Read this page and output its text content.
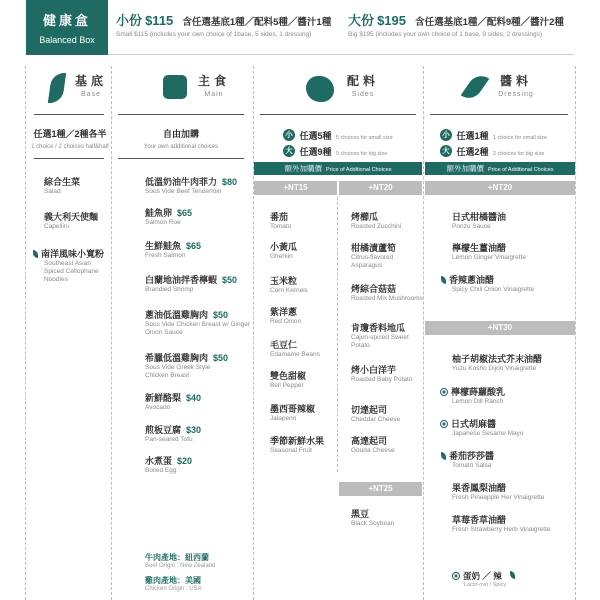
健康盒
Balanced Box
小份 $115 含任選基底1種／配料5種／醬汁1種
Small $115 (includes your own choice of 1base, 5 sides, 1 dressing)
大份 $195 含任選基底1種／配料9種／醬汁2種
Big $195 (includes your own choice of 1 base, 9 sides, 2 dressings)
基底
Base
任選1種／2種各半
1 choice / 2 choices half&half
綜合生菜
Salad
義大利天使麵
Capellini
南洋風味小寬粉
Southeast Asian Spiced Cellophane Noodles
主食
Main
自由加購
Your own additional choices
低溫奶油牛肉菲力 $80
Sous Vide Beef Tenderloin
鮭魚卵 $65
Salmon Roe
生鮮鮭魚 $65
Fresh Salmon
白蘭地油拌香檸蝦 $50
Brandied Shrimp
蔥油低溫雞胸肉 $50
Sous Vide Chicken Breast w/ Ginger Onion Sauce
希臘低溫雞胸肉 $50
Sous Vide Greek Style Chicken Breast
新鮮酪梨 $40
Avocado
煎板豆腐 $30
Pan-seared Tofu
水煮蛋 $20
Boiled Egg
牛肉產地：紐西蘭
Beef Origin : New Zealand
雞肉產地：美國
Chicken Origin : USA
配料
Sides
小 任選5種 5 choices for small size
大 任選9種 9 choices for big size
額外加購價 Price of Additional Choices
+NT15	+NT20
番茄
Tomato
小黃瓜
Gherkin
玉米粒
Corn Kernels
紫洋蔥
Red Onion
毛豆仁
Edamame Beans
雙色甜椒
Bell Pepper
墨西哥辣椒
Jalapeno
季節新鮮水果
Seasonal Fruit
烤櫛瓜
Roasted Zucchini
柑橘漬蘆筍
Citrus-flavored Asparagus
烤綜合菇菇
Roasted Mix Mushrooms
肯瓊香料地瓜
Cajun-spiced Sweet Potato
烤小白洋芋
Roasted Baby Potato
切達起司
Cheddar Cheese
高達起司
Gouda Cheese
+NT25
黑豆
Black Soybean
醬料
Dressing
小 任選1種 1 choice for small size
大 任選2種 2 choices for big size
額外加購價 Price of Additional Choices
+NT20
日式柑橘醬油
Ponzu Sauce
檸檬生薑油醋
Lemon Ginger Vinaigrette
香辣蔥油醋
Spicy Chili Onion Vinaigrette
+NT30
柚子胡椒法式芥末油醋
Yuzu Kosho Dijon Vinaigrette
檸檬蒔蘿酸乳
Lemon Dill Ranch
日式胡麻醬
Japanese Sesame Mayo
番茄莎莎醬
Tomato Salsa
果香鳳梨油醋
Fresh Pineapple Her Vinaigrette
草莓香草油醋
Fresh Strawberry Herb Vinaigrette
蛋奶 ／ 辣
Lacto-ovo / Spicy
